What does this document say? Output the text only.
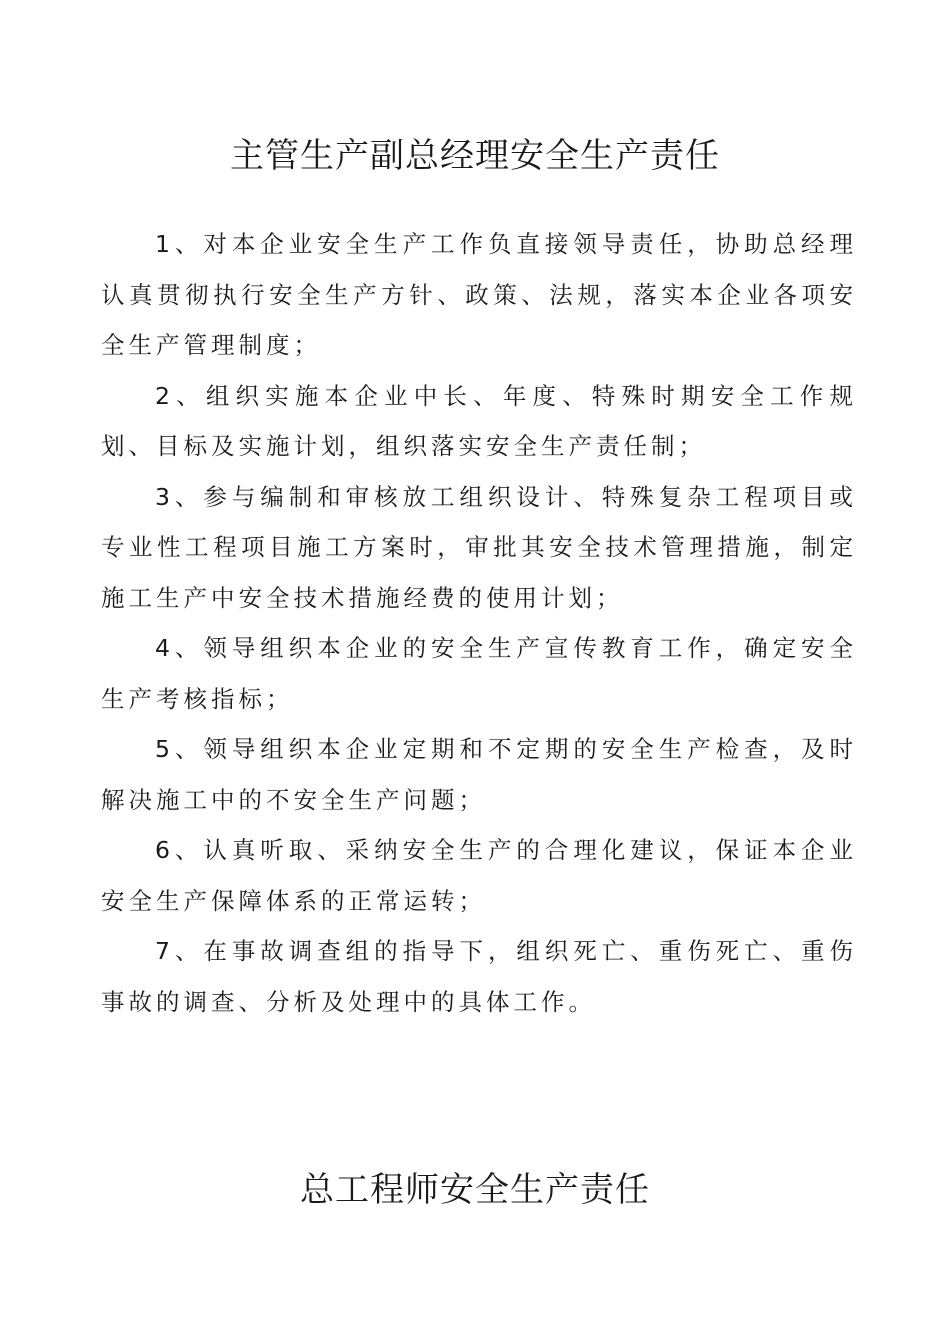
主管生产副总经理安全生产责任

1、对本企业安全生产工作负直接领导责任，协助总经理认真贯彻执行安全生产方针、政策、法规，落实本企业各项安全生产管理制度；

2、组织实施本企业中长、年度、特殊时期安全工作规划、目标及实施计划，组织落实安全生产责任制；

3、参与编制和审核放工组织设计、特殊复杂工程项目或专业性工程项目施工方案时，审批其安全技术管理措施，制定施工生产中安全技术措施经费的使用计划；

4、领导组织本企业的安全生产宣传教育工作，确定安全生产考核指标；

5、领导组织本企业定期和不定期的安全生产检查，及时解决施工中的不安全生产问题；

6、认真听取、采纳安全生产的合理化建议，保证本企业安全生产保障体系的正常运转；

7、在事故调查组的指导下，组织死亡、重伤死亡、重伤事故的调查、分析及处理中的具体工作。

总工程师安全生产责任
